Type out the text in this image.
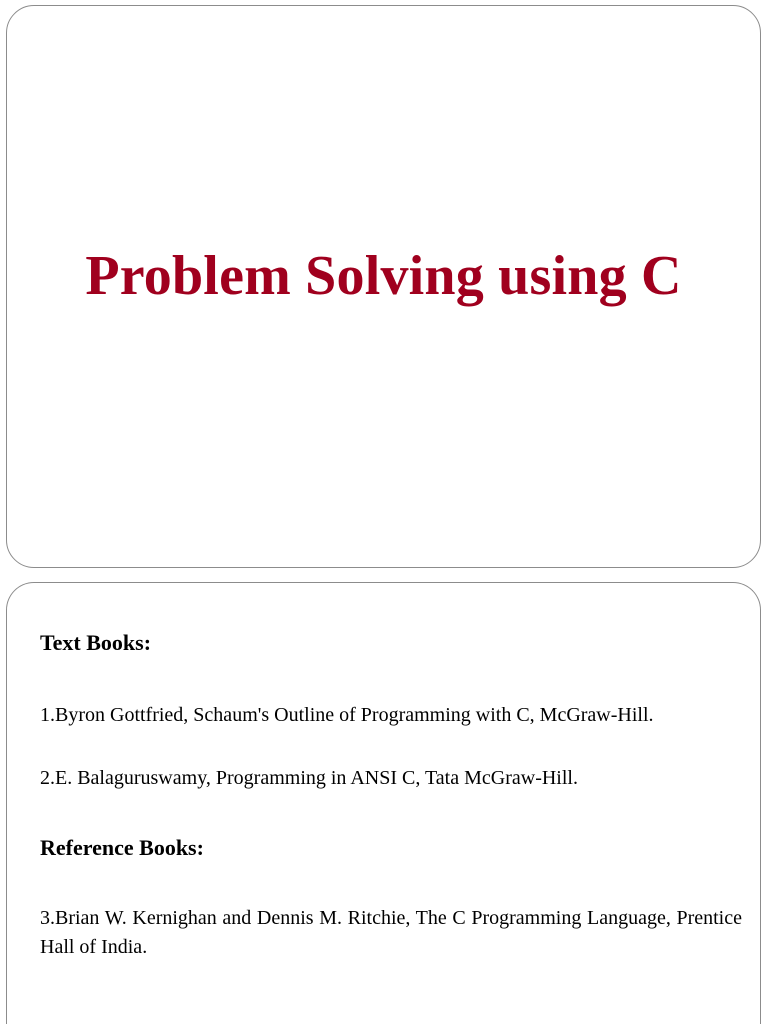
Problem Solving using C

Text Books:

1.Byron Gottfried, Schaum's Outline of Programming with C, McGraw-Hill.

2.E. Balaguruswamy, Programming in ANSI C, Tata McGraw-Hill.

Reference Books:

3.Brian W. Kernighan and Dennis M. Ritchie, The C Programming Language, Prentice Hall of India.
